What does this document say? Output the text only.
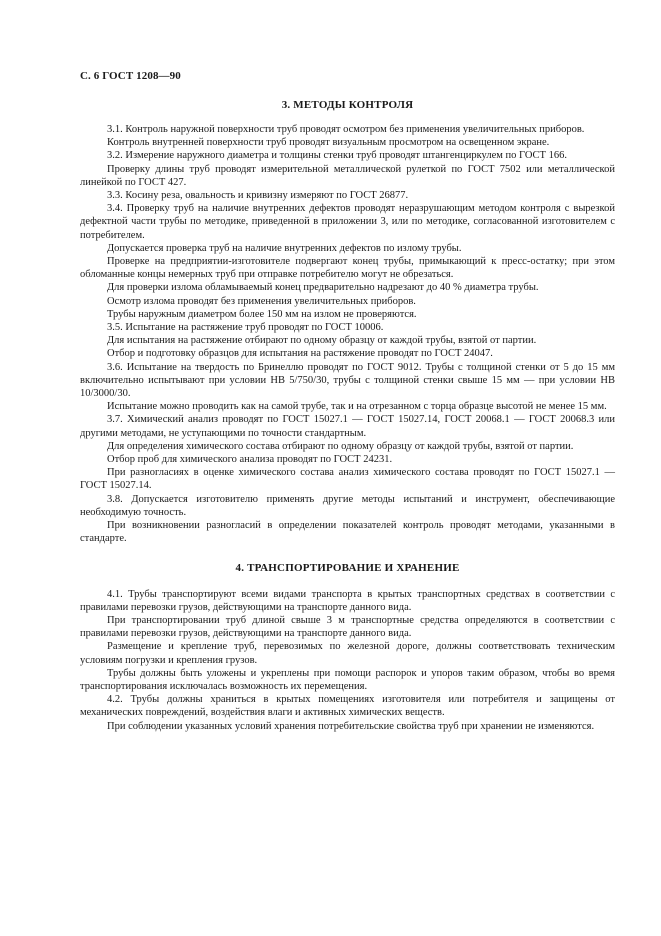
С. 6 ГОСТ 1208—90
3. МЕТОДЫ КОНТРОЛЯ

3.1. Контроль наружной поверхности труб проводят осмотром без применения увеличительных приборов.

Контроль внутренней поверхности труб проводят визуальным просмотром на освещенном экране.

3.2. Измерение наружного диаметра и толщины стенки труб проводят штангенциркулем по ГОСТ 166.

Проверку длины труб проводят измерительной металлической рулеткой по ГОСТ 7502 или металлической линейкой по ГОСТ 427.

3.3. Косину реза, овальность и кривизну измеряют по ГОСТ 26877.

3.4. Проверку труб на наличие внутренних дефектов проводят неразрушающим методом контроля с вырезкой дефектной части трубы по методике, приведенной в приложении 3, или по методике, согласованной изготовителем с потребителем.

Допускается проверка труб на наличие внутренних дефектов по излому трубы.

Проверке на предприятии-изготовителе подвергают конец трубы, примыкающий к пресс-остатку; при этом обломанные концы немерных труб при отправке потребителю могут не обрезаться.

Для проверки излома обламываемый конец предварительно надрезают до 40 % диаметра трубы.

Осмотр излома проводят без применения увеличительных приборов.

Трубы наружным диаметром более 150 мм на излом не проверяются.

3.5. Испытание на растяжение труб проводят по ГОСТ 10006.

Для испытания на растяжение отбирают по одному образцу от каждой трубы, взятой от партии.

Отбор и подготовку образцов для испытания на растяжение проводят по ГОСТ 24047.

3.6. Испытание на твердость по Бринеллю проводят по ГОСТ 9012. Трубы с толщиной стенки от 5 до 15 мм включительно испытывают при условии НВ 5/750/30, трубы с толщиной стенки свыше 15 мм — при условии НВ 10/3000/30.

Испытание можно проводить как на самой трубе, так и на отрезанном с торца образце высотой не менее 15 мм.

3.7. Химический анализ проводят по ГОСТ 15027.1 — ГОСТ 15027.14, ГОСТ 20068.1 — ГОСТ 20068.3 или другими методами, не уступающими по точности стандартным.

Для определения химического состава отбирают по одному образцу от каждой трубы, взятой от партии.

Отбор проб для химического анализа проводят по ГОСТ 24231.

При разногласиях в оценке химического состава анализ химического состава проводят по ГОСТ 15027.1 — ГОСТ 15027.14.

3.8. Допускается изготовителю применять другие методы испытаний и инструмент, обеспечивающие необходимую точность.

При возникновении разногласий в определении показателей контроль проводят методами, указанными в стандарте.

4. ТРАНСПОРТИРОВАНИЕ И ХРАНЕНИЕ

4.1. Трубы транспортируют всеми видами транспорта в крытых транспортных средствах в соответствии с правилами перевозки грузов, действующими на транспорте данного вида.

При транспортировании труб длиной свыше 3 м транспортные средства определяются в соответствии с правилами перевозки грузов, действующими на транспорте данного вида.

Размещение и крепление труб, перевозимых по железной дороге, должны соответствовать техническим условиям погрузки и крепления грузов.

Трубы должны быть уложены и укреплены при помощи распорок и упоров таким образом, чтобы во время транспортирования исключалась возможность их перемещения.

4.2. Трубы должны храниться в крытых помещениях изготовителя или потребителя и защищены от механических повреждений, воздействия влаги и активных химических веществ.

При соблюдении указанных условий хранения потребительские свойства труб при хранении не изменяются.
